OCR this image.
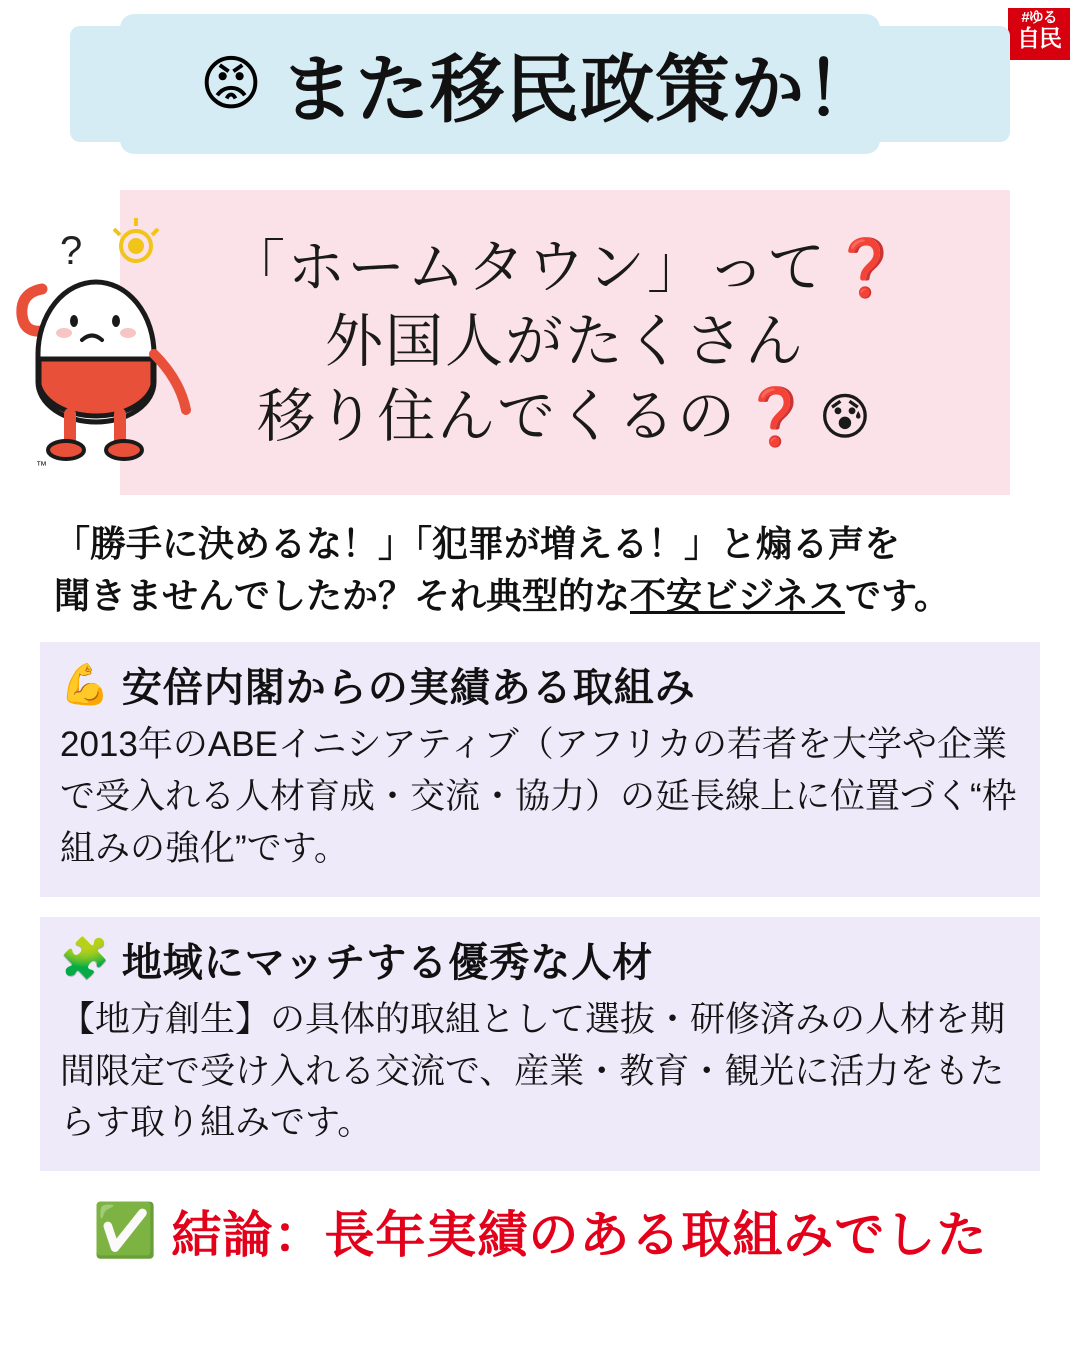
#ゆる
自民
😡 また移民政策か！
「ホームタウン」って ❓
外国人がたくさん
移り住んでくるの ❓ 😰
?
™
「勝手に決めるな！」「犯罪が増える！」と煽る声を
聞きませんでしたか？それ典型的な不安ビジネスです。
💪 安倍内閣からの実績ある取組み
2013年のABEイニシアティブ（アフリカの若者を大学や企業で受入れる人材育成・交流・協力）の延長線上に位置づく“枠組みの強化”です。
🧩 地域にマッチする優秀な人材
【地方創生】の具体的取組として選抜・研修済みの人材を期間限定で受け入れる交流で、産業・教育・観光に活力をもたらす取り組みです。
✅ 結論：長年実績のある取組みでした
